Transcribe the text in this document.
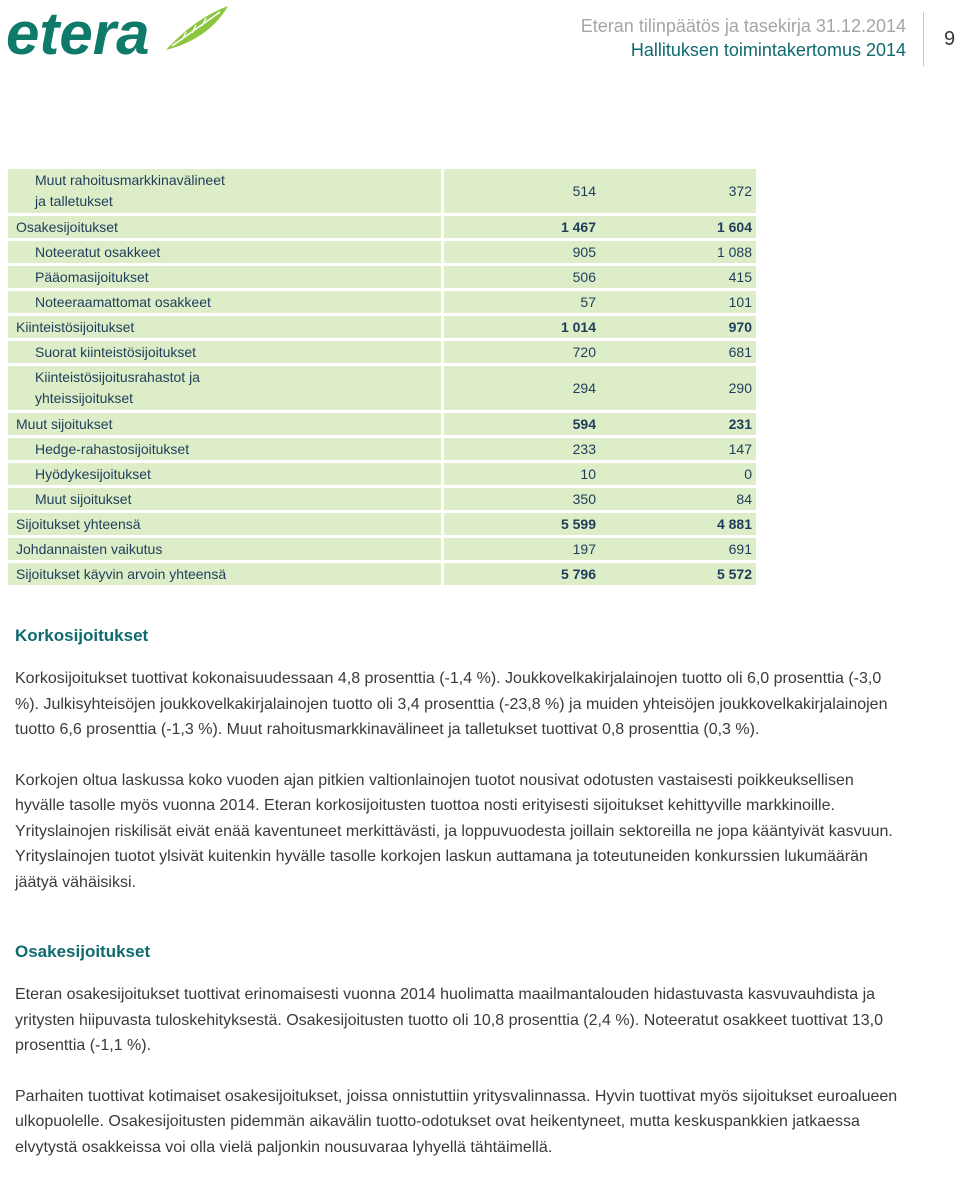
etera	Eteran tilinpäätös ja tasekirja 31.12.2014
Hallituksen toimintakertomus 2014 9
Muut rahoitusmarkkinavälineet
ja talletukset		514	372
Osakesijoitukset		1 467	1 604
Noteeratut osakkeet		905	1 088
Pääomasijoitukset		506	415
Noteeraamattomat osakkeet		57	101
Kiinteistösijoitukset		1 014	970
Suorat kiinteistösijoitukset		720	681

Kiinteistösijoitusrahastot ja
yhteissijoitukset		294	290
Muut sijoitukset		594	231
Hedge-rahastosijoitukset		233	147
Hyödykesijoitukset		10	0
Muut sijoitukset		350	84
Sijoitukset yhteensä		5 599	4 881
Johdannaisten vaikutus		197	691
Sijoitukset käyvin arvoin yhteensä		5 796	5 572
Korkosijoitukset

Korkosijoitukset tuottivat kokonaisuudessaan 4,8 prosenttia (-1,4 %). Joukkovelkakirjalainojen tuotto oli 6,0 prosenttia (-3,0 %). Julkisyhteisöjen joukkovelkakirjalainojen tuotto oli 3,4 prosenttia (-23,8 %) ja muiden yhteisöjen joukkovelkakirjalainojen tuotto 6,6 prosenttia (-1,3 %). Muut rahoitusmarkkinavälineet ja talletukset tuottivat 0,8 prosenttia (0,3 %).

Korkojen oltua laskussa koko vuoden ajan pitkien valtionlainojen tuotot nousivat odotusten vastaisesti poikkeuksellisen hyvälle tasolle myös vuonna 2014. Eteran korkosijoitusten tuottoa nosti erityisesti sijoitukset kehittyville markkinoille. Yrityslainojen riskilisät eivät enää kaventuneet merkittävästi, ja loppuvuodesta joillain sektoreilla ne jopa kääntyivät kasvuun. Yrityslainojen tuotot ylsivät kuitenkin hyvälle tasolle korkojen laskun auttamana ja toteutuneiden konkurssien lukumäärän jäätyä vähäisiksi.

Osakesijoitukset

Eteran osakesijoitukset tuottivat erinomaisesti vuonna 2014 huolimatta maailmantalouden hidastuvasta kasvuvauhdista ja yritysten hiipuvasta tuloskehityksestä. Osakesijoitusten tuotto oli 10,8 prosenttia (2,4 %). Noteeratut osakkeet tuottivat 13,0 prosenttia (-1,1 %).

Parhaiten tuottivat kotimaiset osakesijoitukset, joissa onnistuttiin yritysvalinnassa. Hyvin tuottivat myös sijoitukset euroalueen ulkopuolelle. Osakesijoitusten pidemmän aikavälin tuotto-odotukset ovat heikentyneet, mutta keskuspankkien jatkaessa elvytystä osakkeissa voi olla vielä paljonkin nousuvaraa lyhyellä tähtäimellä.
